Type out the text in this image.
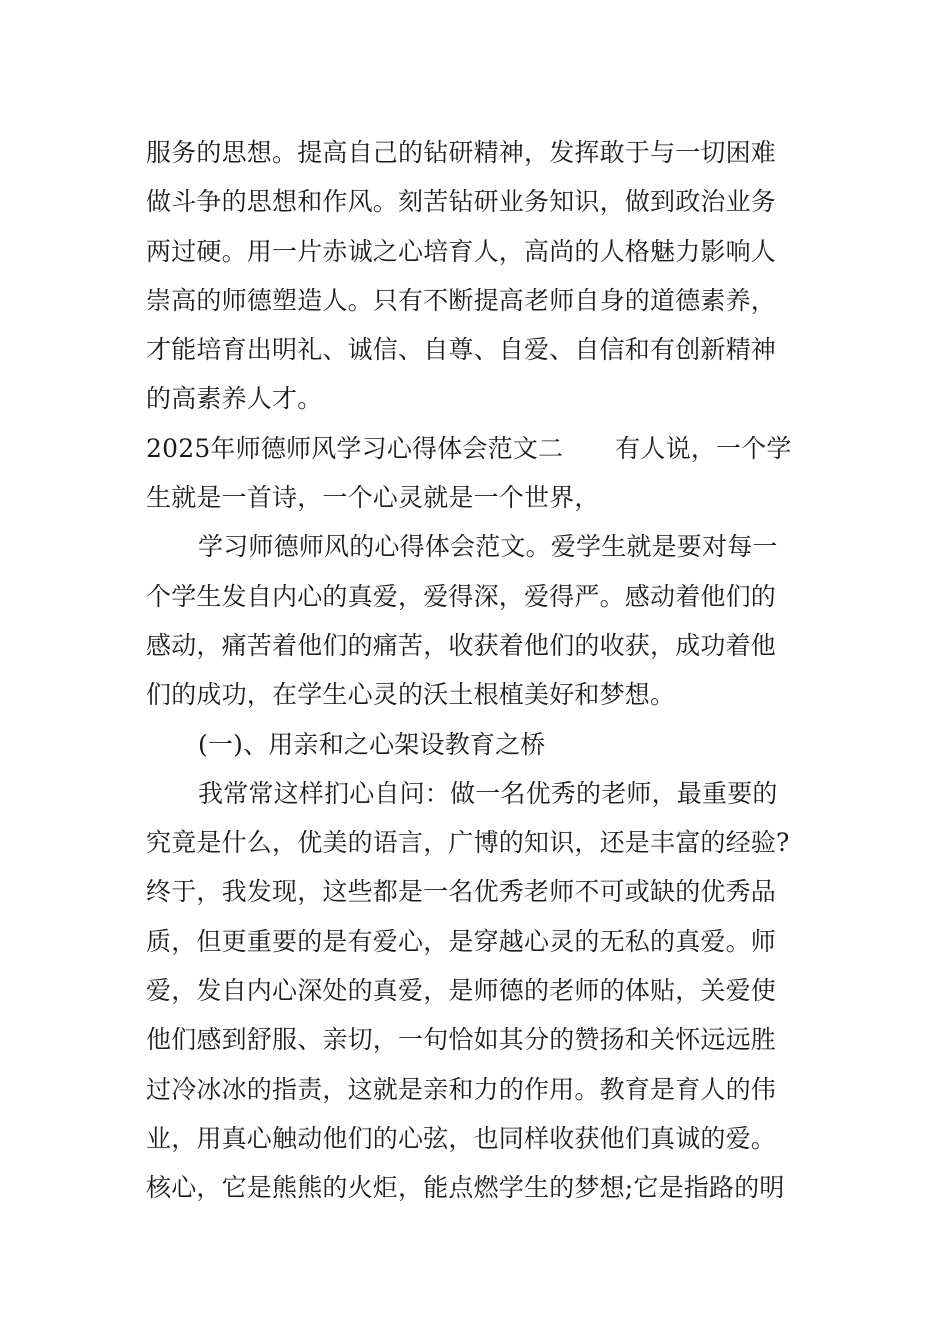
服务的思想。提高自己的钻研精神，发挥敢于与一切困难
做斗争的思想和作风。刻苦钻研业务知识，做到政治业务
两过硬。用一片赤诚之心培育人，高尚的人格魅力影响人
崇高的师德塑造人。只有不断提高老师自身的道德素养，
才能培育出明礼、诚信、自尊、自爱、自信和有创新精神
的高素养人才。
2025年师德师风学习心得体会范文二 有人说，一个学
生就是一首诗，一个心灵就是一个世界，
学习师德师风的心得体会范文。爱学生就是要对每一
个学生发自内心的真爱，爱得深，爱得严。感动着他们的
感动，痛苦着他们的痛苦，收获着他们的收获，成功着他
们的成功，在学生心灵的沃土根植美好和梦想。
(一)、用亲和之心架设教育之桥
我常常这样扪心自问：做一名优秀的老师，最重要的
究竟是什么，优美的语言，广博的知识，还是丰富的经验?
终于，我发现，这些都是一名优秀老师不可或缺的优秀品
质，但更重要的是有爱心，是穿越心灵的无私的真爱。师
爱，发自内心深处的真爱，是师德的老师的体贴，关爱使
他们感到舒服、亲切，一句恰如其分的赞扬和关怀远远胜
过冷冰冰的指责，这就是亲和力的作用。教育是育人的伟
业，用真心触动他们的心弦，也同样收获他们真诚的爱。
核心，它是熊熊的火炬，能点燃学生的梦想;它是指路的明
